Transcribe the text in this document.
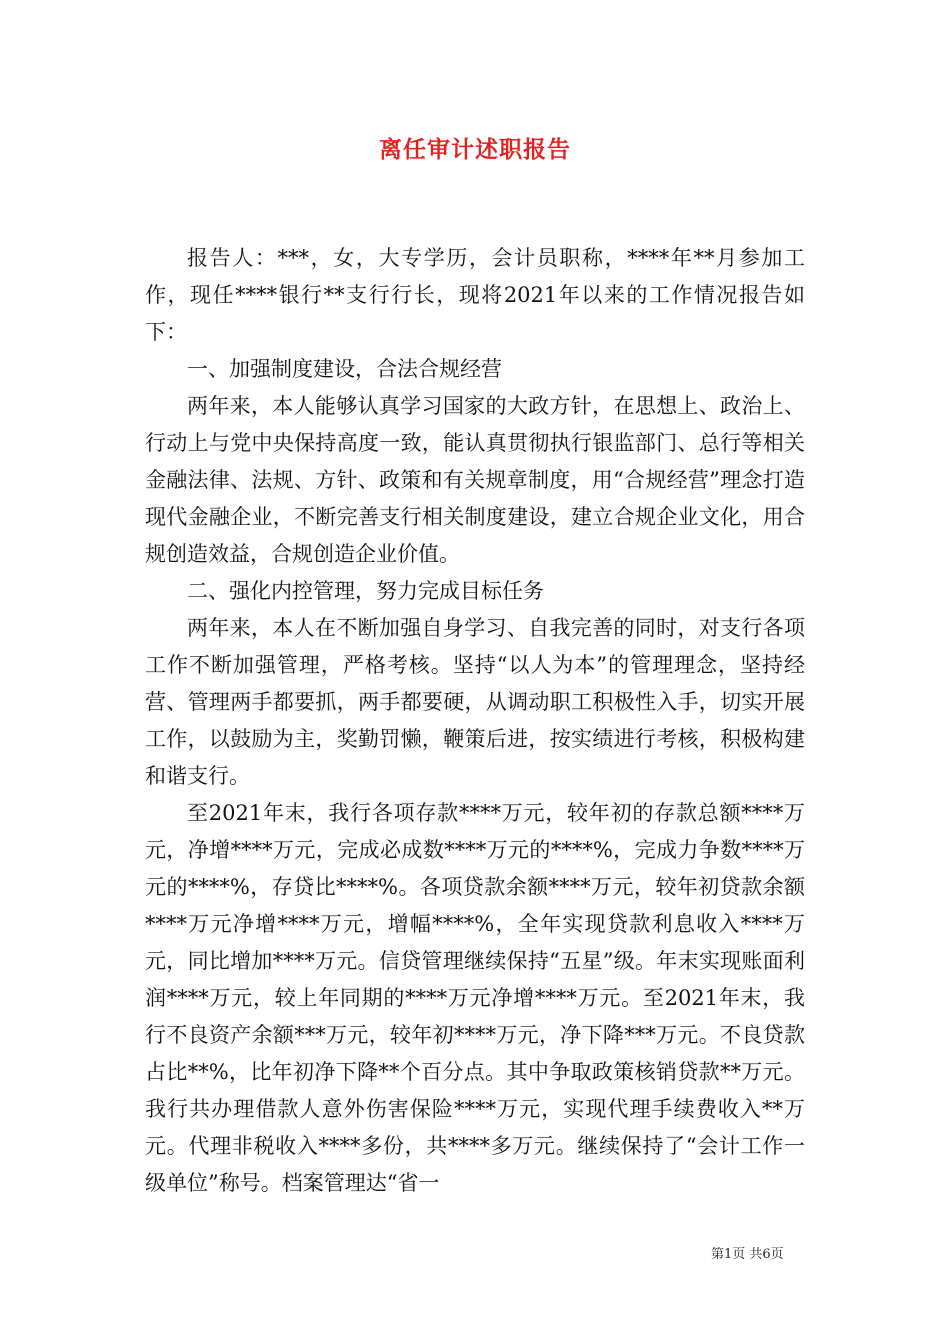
离任审计述职报告

报告人：***，女，大专学历，会计员职称，****年**月参加工作，现任****银行**支行行长，现将2021年以来的工作情况报告如下：

一、加强制度建设，合法合规经营

两年来，本人能够认真学习国家的大政方针，在思想上、政治上、行动上与党中央保持高度一致，能认真贯彻执行银监部门、总行等相关金融法律、法规、方针、政策和有关规章制度，用“合规经营”理念打造现代金融企业，不断完善支行相关制度建设，建立合规企业文化，用合规创造效益，合规创造企业价值。

二、强化内控管理，努力完成目标任务

两年来，本人在不断加强自身学习、自我完善的同时，对支行各项工作不断加强管理，严格考核。坚持“以人为本”的管理理念，坚持经营、管理两手都要抓，两手都要硬，从调动职工积极性入手，切实开展工作，以鼓励为主，奖勤罚懒，鞭策后进，按实绩进行考核，积极构建和谐支行。

至2021年末，我行各项存款****万元，较年初的存款总额****万元，净增****万元，完成必成数****万元的****%，完成力争数****万元的****%，存贷比****%。各项贷款余额****万元，较年初贷款余额****万元净增****万元，增幅****%，全年实现贷款利息收入****万元，同比增加****万元。信贷管理继续保持“五星”级。年末实现账面利润****万元，较上年同期的****万元净增****万元。至2021年末，我行不良资产余额***万元，较年初****万元，净下降***万元。不良贷款占比**%，比年初净下降**个百分点。其中争取政策核销贷款**万元。我行共办理借款人意外伤害保险****万元，实现代理手续费收入**万元。代理非税收入****多份，共****多万元。继续保持了“会计工作一级单位”称号。档案管理达“省一

第1页 共6页
